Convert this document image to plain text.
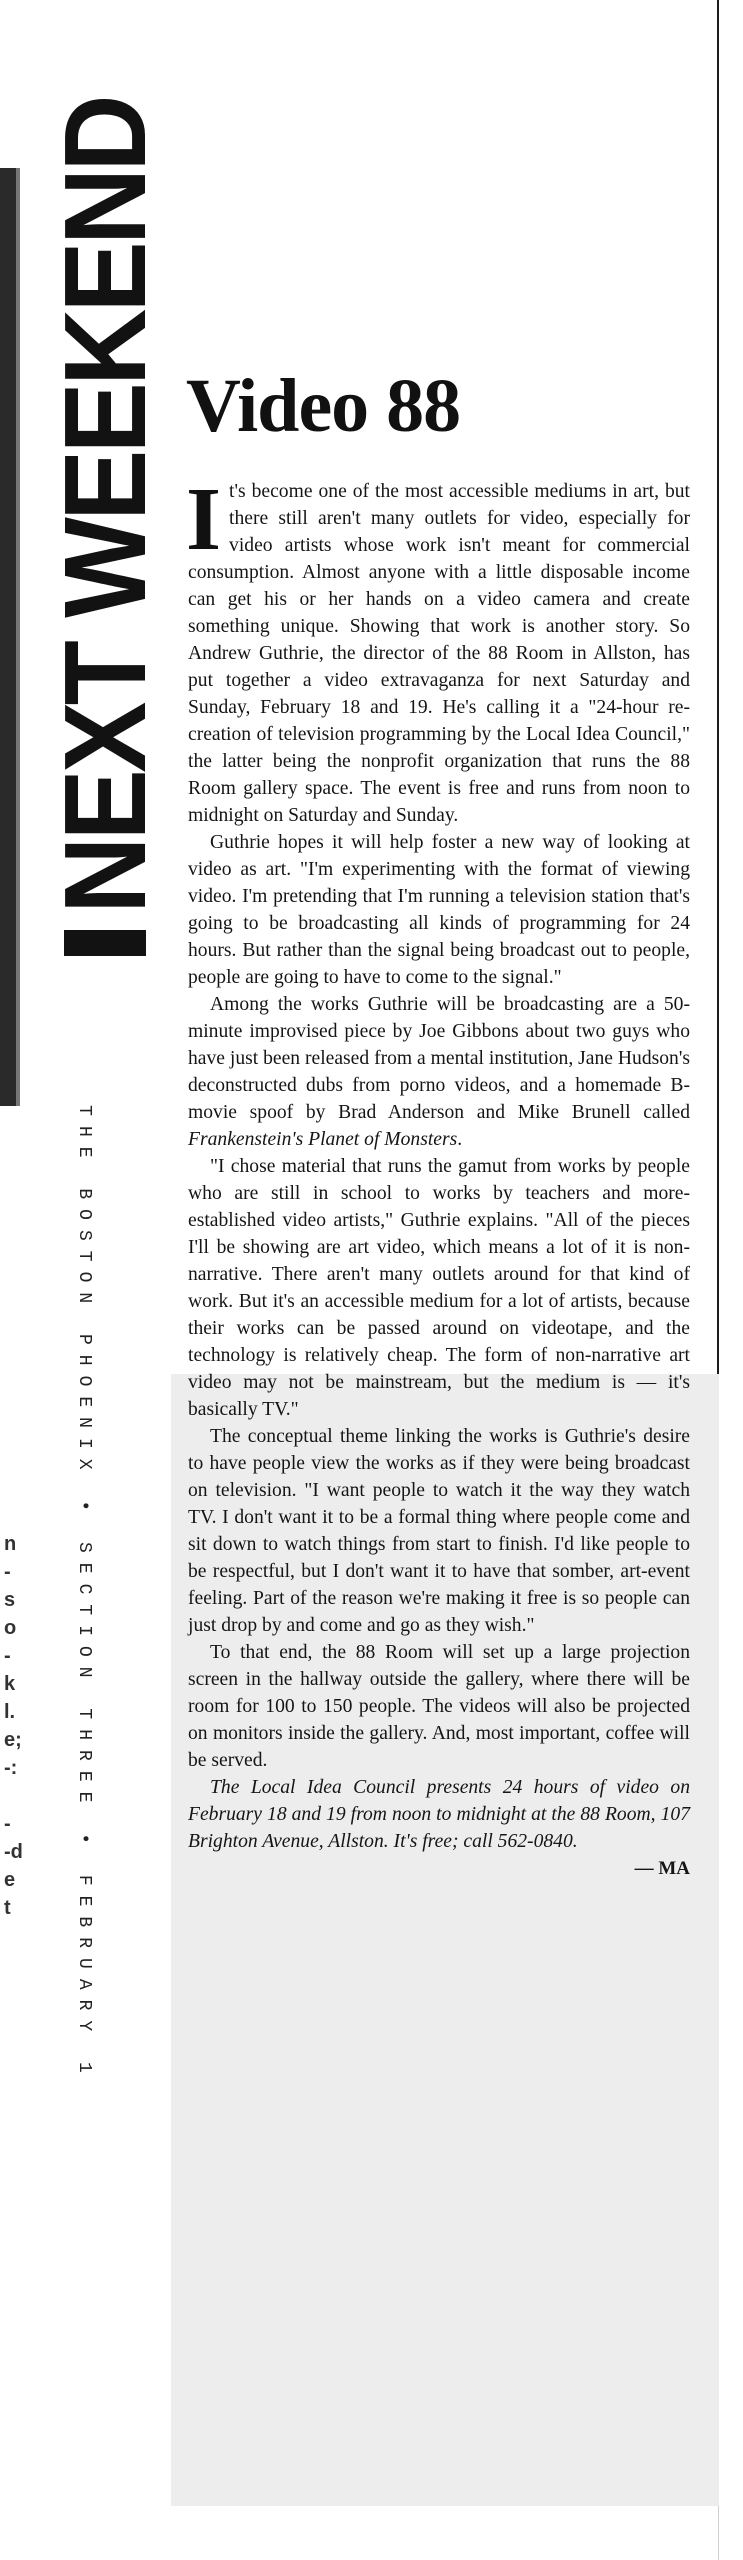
NEXT WEEKEND
THE BOSTON PHOENIX • SECTION THREE • FEBRUARY 1
n
-
s
o
-
k
l.
e;
-:

-
-d
e
t
Video 88

It's become one of the most accessible mediums in art, but there still aren't many outlets for video, especially for video artists whose work isn't meant for commercial consumption. Almost anyone with a little disposable income can get his or her hands on a video camera and create something unique. Showing that work is another story. So Andrew Guthrie, the director of the 88 Room in Allston, has put together a video extravaganza for next Saturday and Sunday, February 18 and 19. He's calling it a "24-hour re-creation of television programming by the Local Idea Council," the latter being the nonprofit organization that runs the 88 Room gallery space. The event is free and runs from noon to midnight on Saturday and Sunday.

Guthrie hopes it will help foster a new way of looking at video as art. "I'm experimenting with the format of viewing video. I'm pretending that I'm running a television station that's going to be broadcasting all kinds of programming for 24 hours. But rather than the signal being broadcast out to people, people are going to have to come to the signal."

Among the works Guthrie will be broadcasting are a 50-minute improvised piece by Joe Gibbons about two guys who have just been released from a mental institution, Jane Hudson's deconstructed dubs from porno videos, and a homemade B-movie spoof by Brad Anderson and Mike Brunell called Frankenstein's Planet of Monsters.

"I chose material that runs the gamut from works by people who are still in school to works by teachers and more-established video artists," Guthrie explains. "All of the pieces I'll be showing are art video, which means a lot of it is non-narrative. There aren't many outlets around for that kind of work. But it's an accessible medium for a lot of artists, because their works can be passed around on videotape, and the technology is relatively cheap. The form of non-narrative art video may not be mainstream, but the medium is — it's basically TV."

The conceptual theme linking the works is Guthrie's desire to have people view the works as if they were being broadcast on television. "I want people to watch it the way they watch TV. I don't want it to be a formal thing where people come and sit down to watch things from start to finish. I'd like people to be respectful, but I don't want it to have that somber, art-event feeling. Part of the reason we're making it free is so people can just drop by and come and go as they wish."

To that end, the 88 Room will set up a large projection screen in the hallway outside the gallery, where there will be room for 100 to 150 people. The videos will also be projected on monitors inside the gallery. And, most important, coffee will be served.

The Local Idea Council presents 24 hours of video on February 18 and 19 from noon to midnight at the 88 Room, 107 Brighton Avenue, Allston. It's free; call 562-0840.

— MA
